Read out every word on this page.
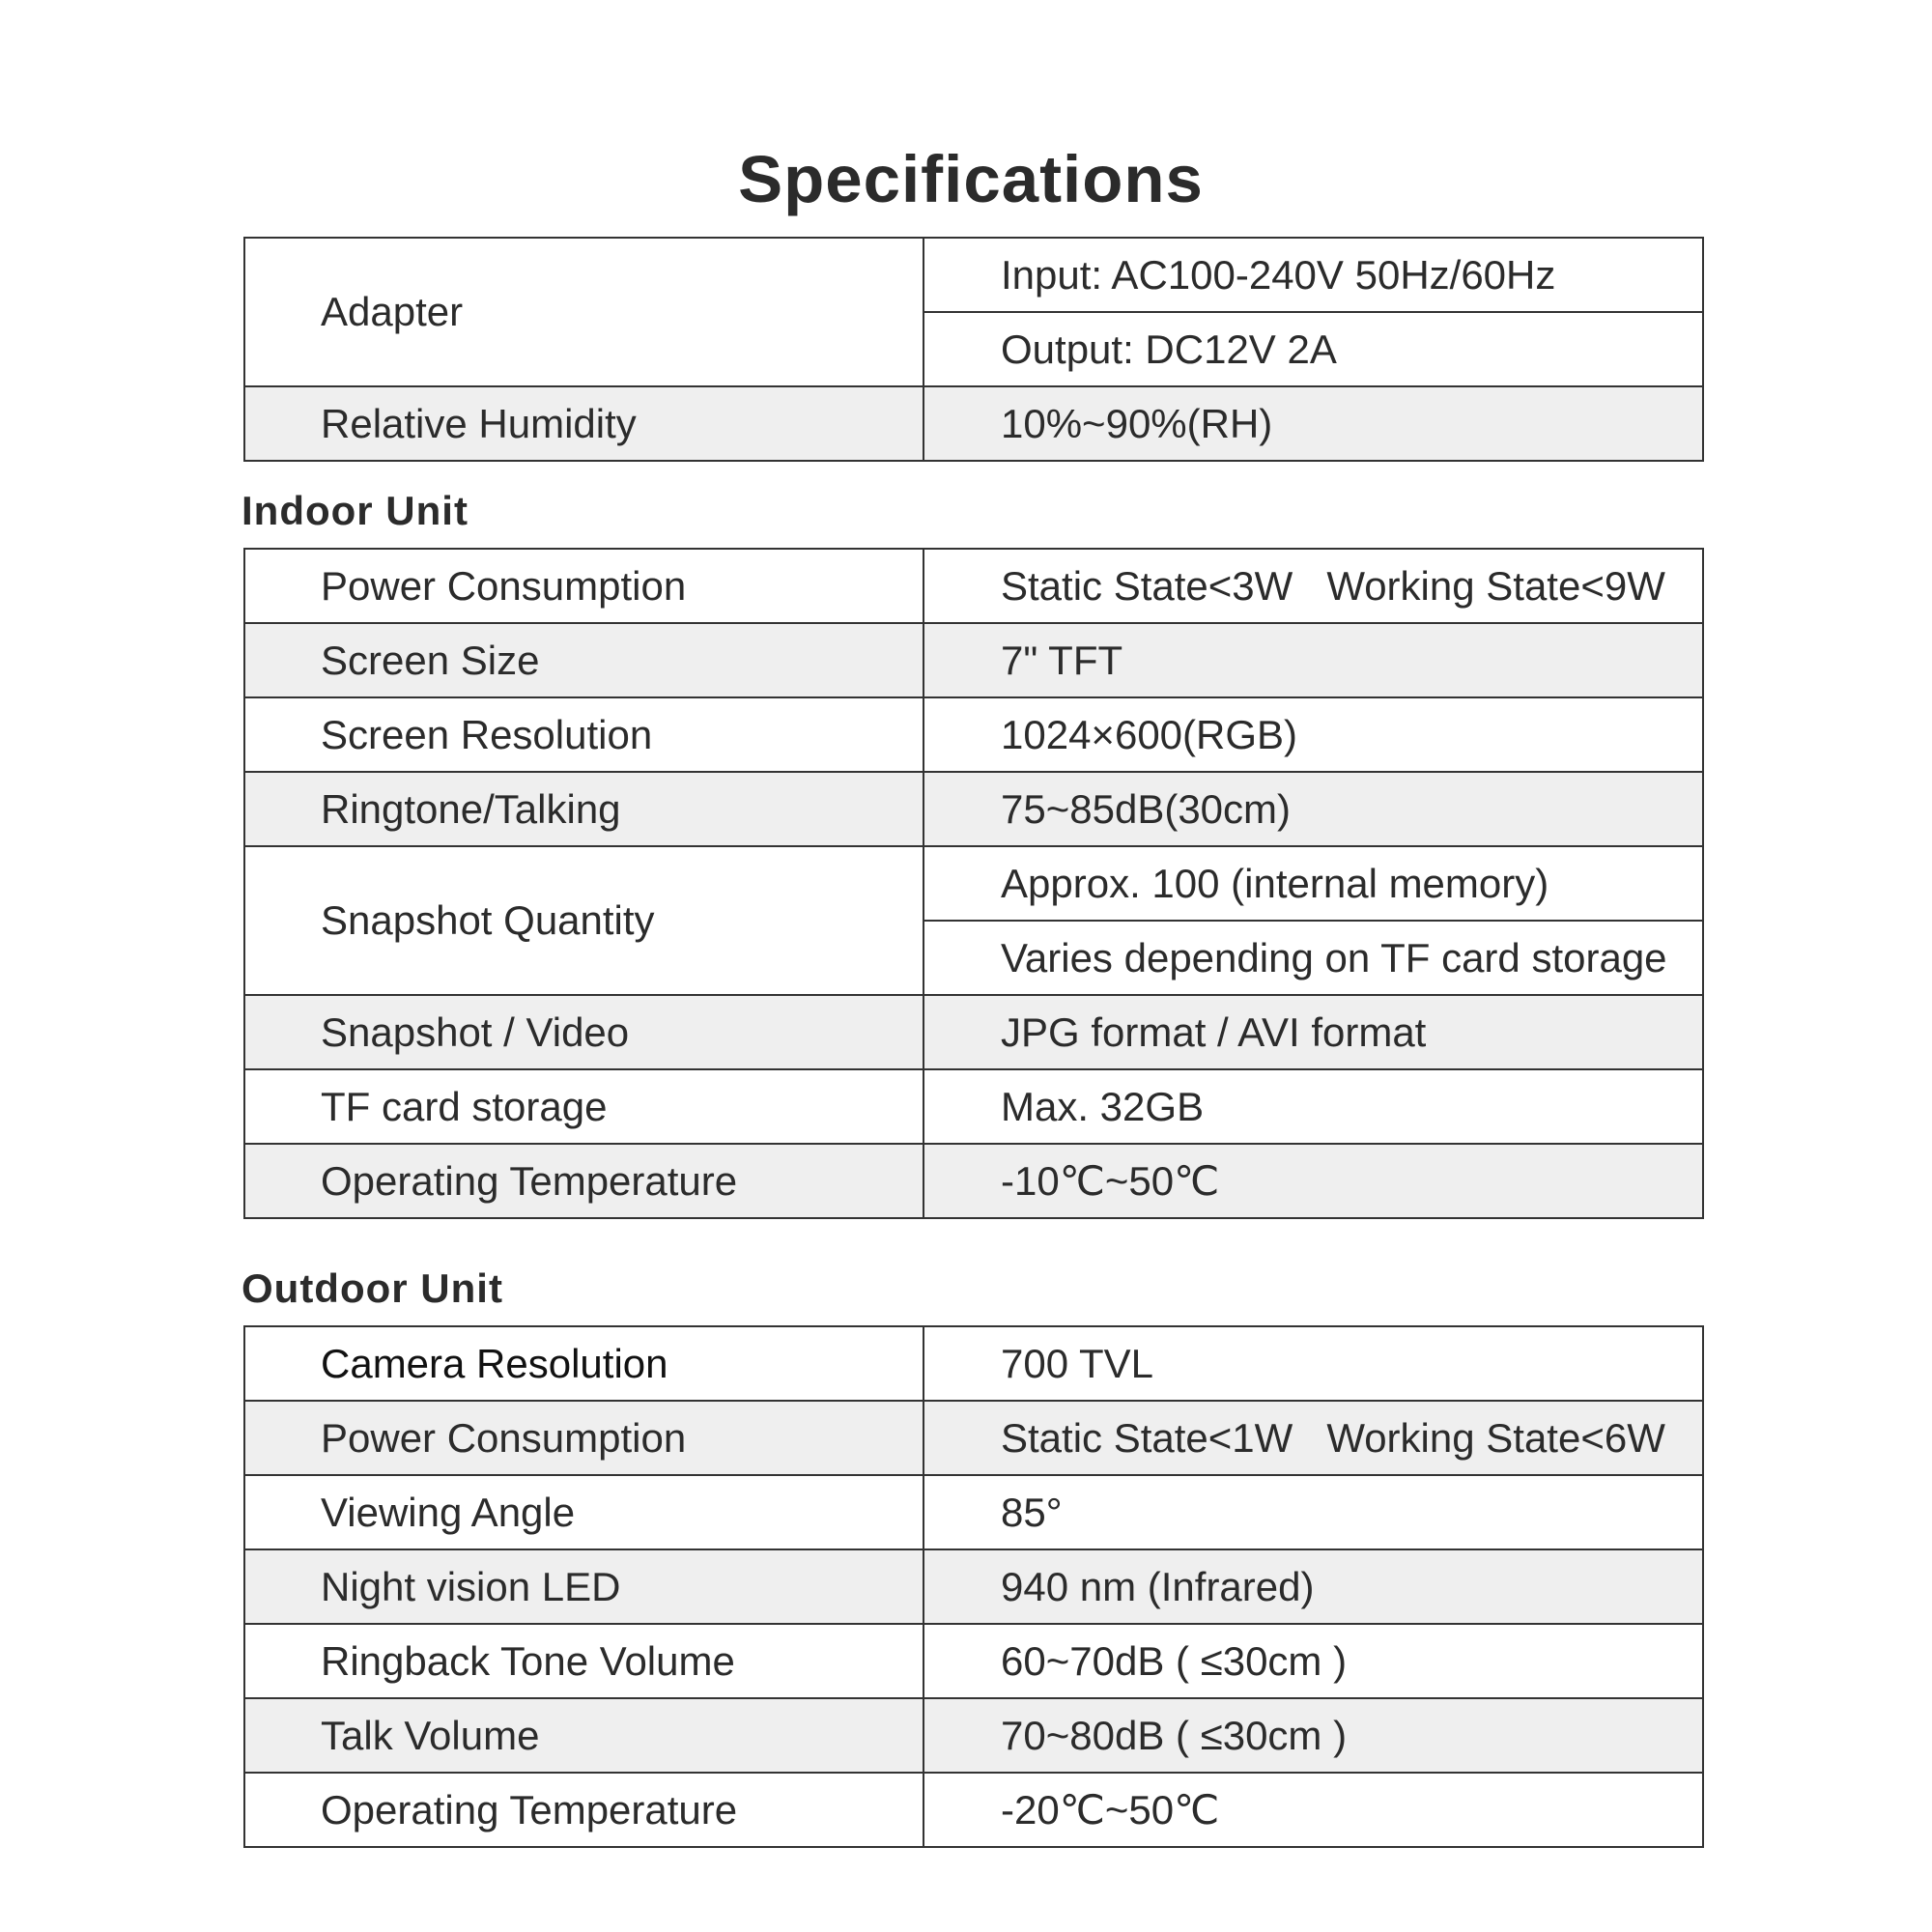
Specifications
Adapter	Input: AC100-240V 50Hz/60Hz
	Output: DC12V 2A
Relative Humidity	10%~90%(RH)
Indoor Unit
Power Consumption	Static State<3W   Working State<9W
Screen Size	7" TFT
Screen Resolution	1024×600(RGB)
Ringtone/Talking	75~85dB(30cm)
Snapshot Quantity	Approx. 100 (internal memory)
	Varies depending on TF card storage
Snapshot / Video	JPG format / AVI format
TF card storage	Max. 32GB
Operating Temperature	-10℃~50℃
Outdoor Unit
Camera Resolution	700 TVL
Power Consumption	Static State<1W   Working State<6W
Viewing Angle	85°
Night vision LED	940 nm (Infrared)
Ringback Tone Volume	60~70dB ( ≤30cm )
Talk Volume	70~80dB ( ≤30cm )
Operating Temperature	-20℃~50℃
